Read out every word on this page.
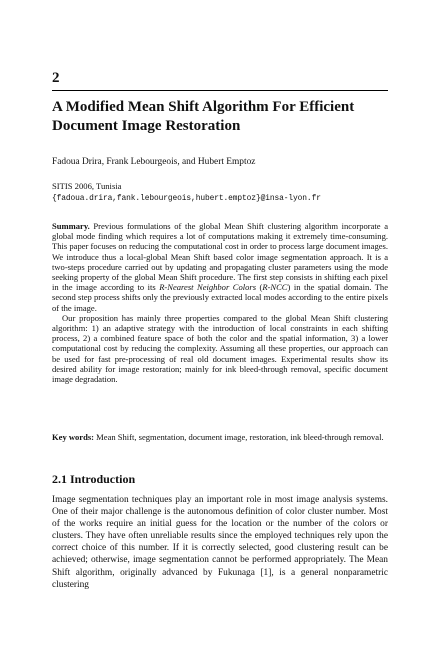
2
A Modified Mean Shift Algorithm For Efficient Document Image Restoration
Fadoua Drira, Frank Lebourgeois, and Hubert Emptoz
SITIS 2006, Tunisia
{fadoua.drira,fank.lebourgeois,hubert.emptoz}@insa-lyon.fr

Summary. Previous formulations of the global Mean Shift clustering algorithm incorporate a global mode finding which requires a lot of computations making it extremely time-consuming. This paper focuses on reducing the computational cost in order to process large document images. We introduce thus a local-global Mean Shift based color image segmentation approach. It is a two-steps procedure carried out by updating and propagating cluster parameters using the mode seeking property of the global Mean Shift procedure. The first step consists in shifting each pixel in the image according to its R-Nearest Neighbor Colors (R-NCC) in the spatial domain. The second step process shifts only the previously extracted local modes according to the entire pixels of the image.

Our proposition has mainly three properties compared to the global Mean Shift clustering algorithm: 1) an adaptive strategy with the introduction of local constraints in each shifting process, 2) a combined feature space of both the color and the spatial information, 3) a lower computational cost by reducing the complexity. Assuming all these properties, our approach can be used for fast pre-processing of real old document images. Experimental results show its desired ability for image restoration; mainly for ink bleed-through removal, specific document image degradation.

Key words: Mean Shift, segmentation, document image, restoration, ink bleed-through removal.
2.1 Introduction

Image segmentation techniques play an important role in most image analysis systems. One of their major challenge is the autonomous definition of color cluster number. Most of the works require an initial guess for the location or the number of the colors or clusters. They have often unreliable results since the employed techniques rely upon the correct choice of this number. If it is correctly selected, good clustering result can be achieved; otherwise, image segmentation cannot be performed appropriately. The Mean Shift algorithm, originally advanced by Fukunaga [1], is a general nonparametric clustering
